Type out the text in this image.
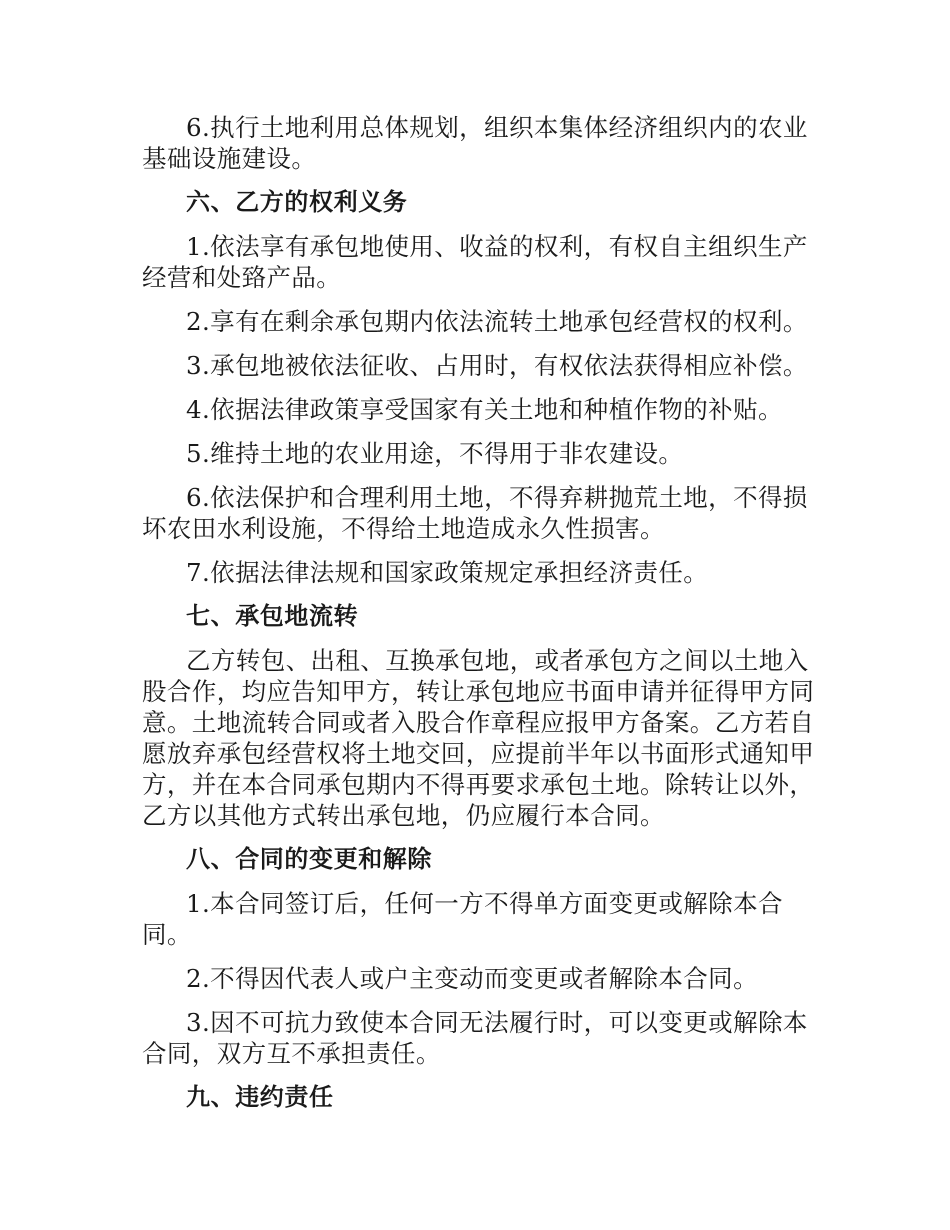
6.执行土地利用总体规划，组织本集体经济组织内的农业基础设施建设。

六、乙方的权利义务

1.依法享有承包地使用、收益的权利，有权自主组织生产经营和处臵产品。

2.享有在剩余承包期内依法流转土地承包经营权的权利。

3.承包地被依法征收、占用时，有权依法获得相应补偿。

4.依据法律政策享受国家有关土地和种植作物的补贴。

5.维持土地的农业用途，不得用于非农建设。

6.依法保护和合理利用土地，不得弃耕抛荒土地，不得损坏农田水利设施，不得给土地造成永久性损害。

7.依据法律法规和国家政策规定承担经济责任。

七、承包地流转

乙方转包、出租、互换承包地，或者承包方之间以土地入股合作，均应告知甲方，转让承包地应书面申请并征得甲方同意。土地流转合同或者入股合作章程应报甲方备案。乙方若自愿放弃承包经营权将土地交回，应提前半年以书面形式通知甲方，并在本合同承包期内不得再要求承包土地。除转让以外，乙方以其他方式转出承包地，仍应履行本合同。

八、合同的变更和解除

1.本合同签订后，任何一方不得单方面变更或解除本合同。

2.不得因代表人或户主变动而变更或者解除本合同。

3.因不可抗力致使本合同无法履行时，可以变更或解除本合同，双方互不承担责任。

九、违约责任
